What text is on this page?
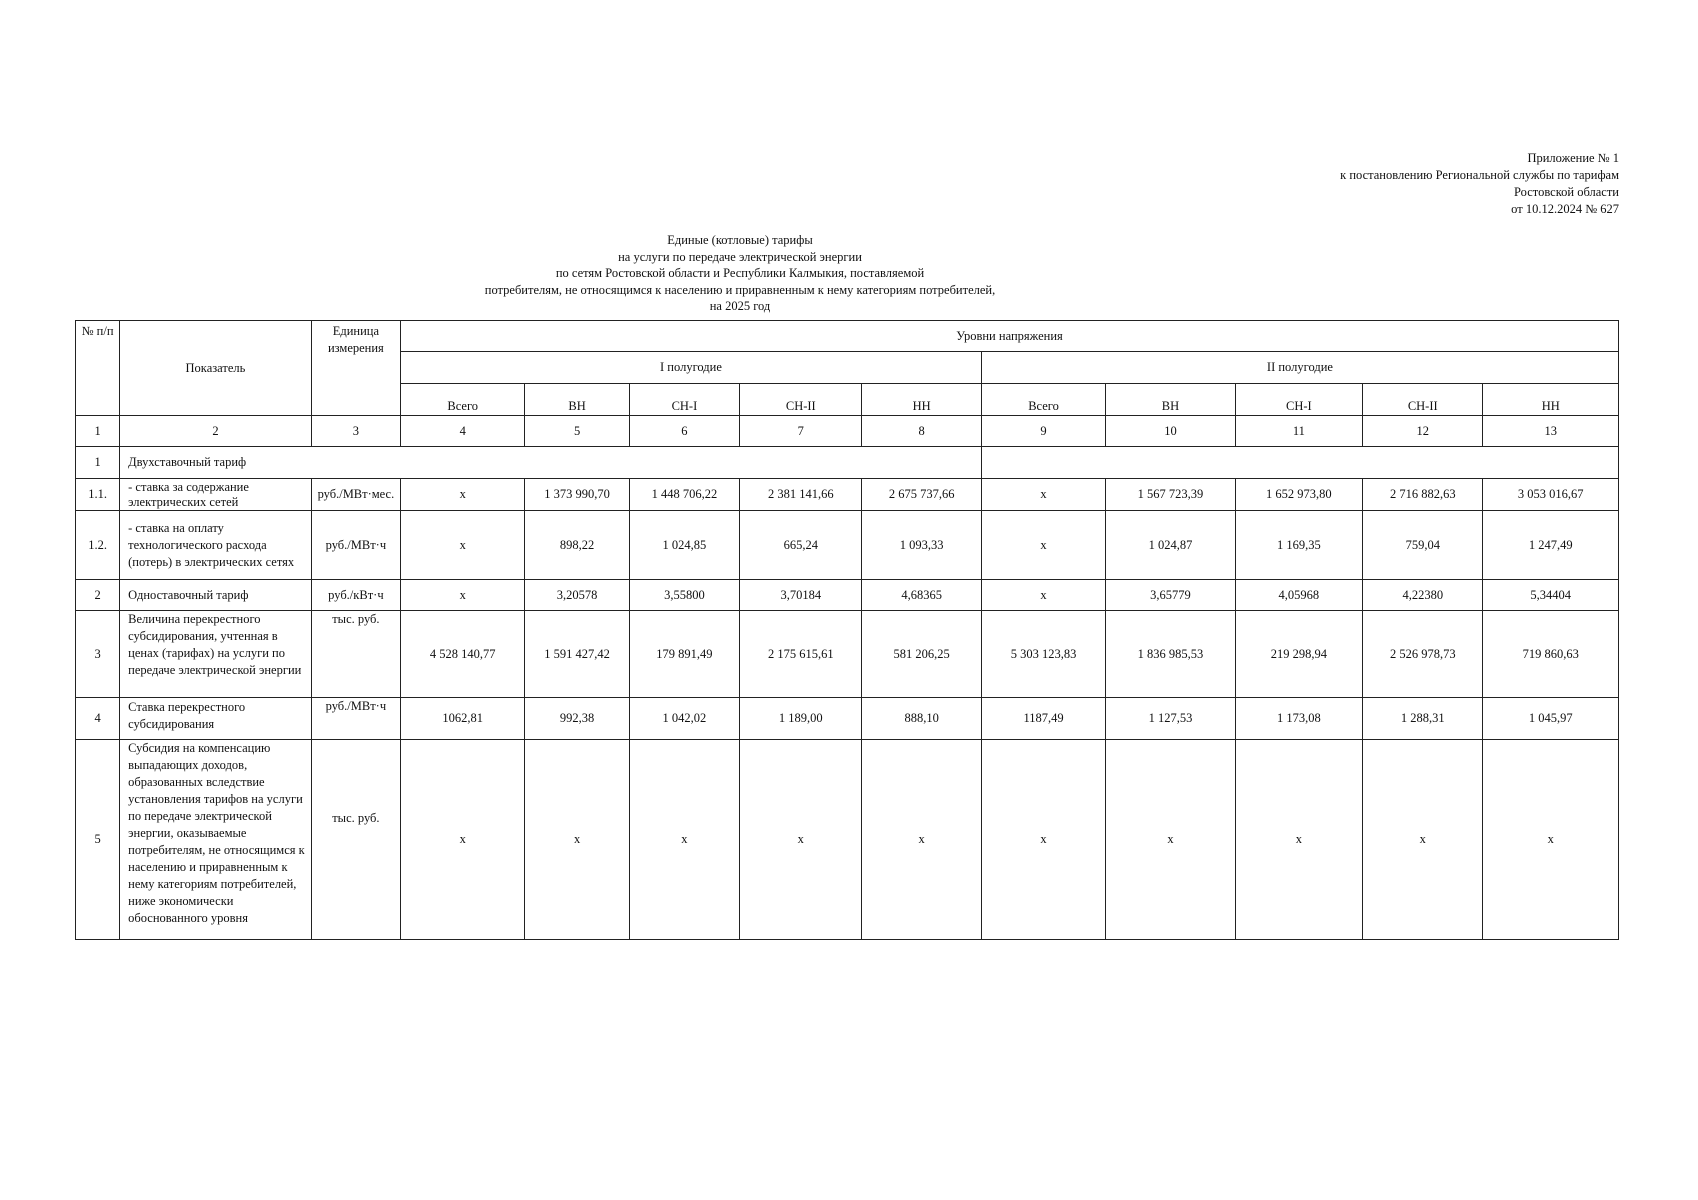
Приложение № 1
к постановлению Региональной службы по тарифам
Ростовской области
от 10.12.2024 № 627
Единые (котловые) тарифы
на услуги по передаче электрической энергии
по сетям Ростовской области и Республики Калмыкия, поставляемой
потребителям, не относящимся к населению и приравненным к нему категориям потребителей,
на 2025 год
№ п/п	Показатель	Единица измерения	Уровни напряжения									
			I полугодие					II полугодие				
			Всего	ВН	СН-I	СН-II	НН	Всего	ВН	СН-I	СН-II	НН
1	2	3	4	5	6	7	8	9	10	11	12	13
1	Двухставочный тариф											
1.1.	- ставка за содержание электрических сетей	руб./МВт·мес.	х	1 373 990,70	1 448 706,22	2 381 141,66	2 675 737,66	х	1 567 723,39	1 652 973,80	2 716 882,63	3 053 016,67
1.2.	- ставка на оплату технологического расхода (потерь) в электрических сетях	руб./МВт·ч	х	898,22	1 024,85	665,24	1 093,33	х	1 024,87	1 169,35	759,04	1 247,49
2	Одноставочный тариф	руб./кВт·ч	х	3,20578	3,55800	3,70184	4,68365	х	3,65779	4,05968	4,22380	5,34404
3	Величина перекрестного субсидирования, учтенная в ценах (тарифах) на услуги по передаче электрической энергии	тыс. руб.	4 528 140,77	1 591 427,42	179 891,49	2 175 615,61	581 206,25	5 303 123,83	1 836 985,53	219 298,94	2 526 978,73	719 860,63
4	Ставка перекрестного субсидирования	руб./МВт·ч	1062,81	992,38	1 042,02	1 189,00	888,10	1187,49	1 127,53	1 173,08	1 288,31	1 045,97
5	Субсидия на компенсацию выпадающих доходов, образованных вследствие установления тарифов на услуги по передаче электрической энергии, оказываемые потребителям, не относящимся к населению и приравненным к нему категориям потребителей, ниже экономически обоснованного уровня	тыс. руб.	х	х	х	х	х	х	х	х	х	х
